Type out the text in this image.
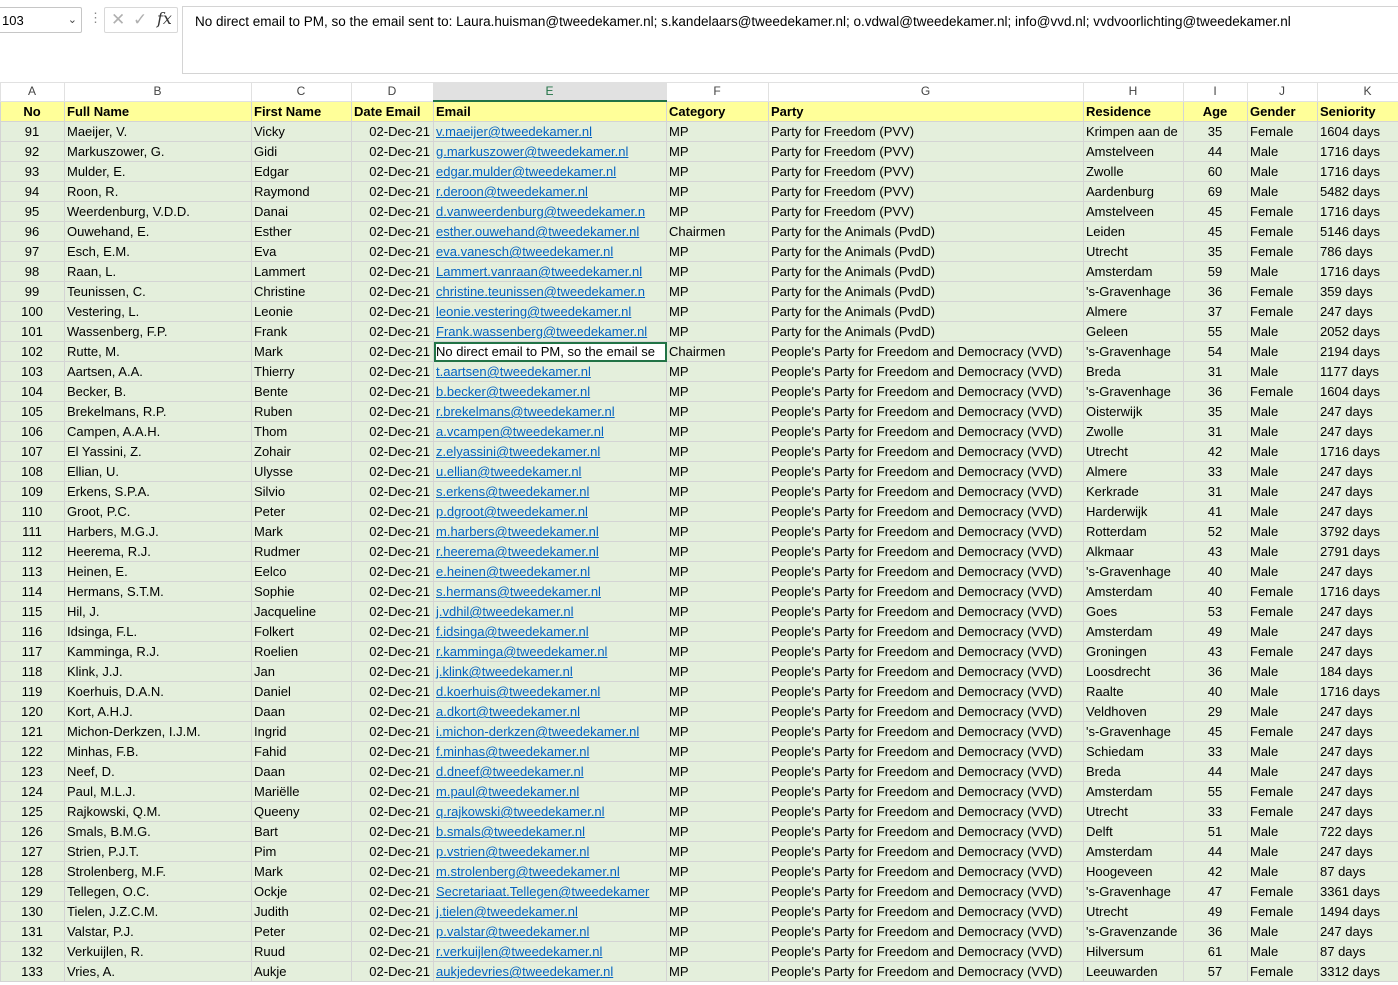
103	⌄ ⋮ ✕ ✓ fx	No direct email to PM, so the email sent to: Laura.huisman@tweedekamer.nl; s.kandelaars@tweedekamer.nl; o.vdwal@tweedekamer.nl; info@vvd.nl; vvdvoorlichting@tweedekamer.nl
A	B	C	D	E	F	G	H	I	J	K
No	Full Name	First Name	Date Email	Email	Category	Party	Residence	Age	Gender	Seniority
91	Maeijer, V.	Vicky	02-Dec-21	v.maeijer@tweedekamer.nl	MP	Party for Freedom (PVV)	Krimpen aan de	35	Female	1604 days
92	Markuszower, G.	Gidi	02-Dec-21	g.markuszower@tweedekamer.nl	MP	Party for Freedom (PVV)	Amstelveen	44	Male	1716 days
93	Mulder, E.	Edgar	02-Dec-21	edgar.mulder@tweedekamer.nl	MP	Party for Freedom (PVV)	Zwolle	60	Male	1716 days
94	Roon, R.	Raymond	02-Dec-21	r.deroon@tweedekamer.nl	MP	Party for Freedom (PVV)	Aardenburg	69	Male	5482 days
95	Weerdenburg, V.D.D.	Danai	02-Dec-21	d.vanweerdenburg@tweedekamer.n	MP	Party for Freedom (PVV)	Amstelveen	45	Female	1716 days
96	Ouwehand, E.	Esther	02-Dec-21	esther.ouwehand@tweedekamer.nl	Chairmen	Party for the Animals (PvdD)	Leiden	45	Female	5146 days
97	Esch, E.M.	Eva	02-Dec-21	eva.vanesch@tweedekamer.nl	MP	Party for the Animals (PvdD)	Utrecht	35	Female	786 days
98	Raan, L.	Lammert	02-Dec-21	Lammert.vanraan@tweedekamer.nl	MP	Party for the Animals (PvdD)	Amsterdam	59	Male	1716 days
99	Teunissen, C.	Christine	02-Dec-21	christine.teunissen@tweedekamer.n	MP	Party for the Animals (PvdD)	's-Gravenhage	36	Female	359 days
100	Vestering, L.	Leonie	02-Dec-21	leonie.vestering@tweedekamer.nl	MP	Party for the Animals (PvdD)	Almere	37	Female	247 days
101	Wassenberg, F.P.	Frank	02-Dec-21	Frank.wassenberg@tweedekamer.nl	MP	Party for the Animals (PvdD)	Geleen	55	Male	2052 days
102	Rutte, M.	Mark	02-Dec-21	No direct email to PM, so the email se	Chairmen	People's Party for Freedom and Democracy (VVD)	's-Gravenhage	54	Male	2194 days
103	Aartsen, A.A.	Thierry	02-Dec-21	t.aartsen@tweedekamer.nl	MP	People's Party for Freedom and Democracy (VVD)	Breda	31	Male	1177 days
104	Becker, B.	Bente	02-Dec-21	b.becker@tweedekamer.nl	MP	People's Party for Freedom and Democracy (VVD)	's-Gravenhage	36	Female	1604 days
105	Brekelmans, R.P.	Ruben	02-Dec-21	r.brekelmans@tweedekamer.nl	MP	People's Party for Freedom and Democracy (VVD)	Oisterwijk	35	Male	247 days
106	Campen, A.A.H.	Thom	02-Dec-21	a.vcampen@tweedekamer.nl	MP	People's Party for Freedom and Democracy (VVD)	Zwolle	31	Male	247 days
107	El Yassini, Z.	Zohair	02-Dec-21	z.elyassini@tweedekamer.nl	MP	People's Party for Freedom and Democracy (VVD)	Utrecht	42	Male	1716 days
108	Ellian, U.	Ulysse	02-Dec-21	u.ellian@tweedekamer.nl	MP	People's Party for Freedom and Democracy (VVD)	Almere	33	Male	247 days
109	Erkens, S.P.A.	Silvio	02-Dec-21	s.erkens@tweedekamer.nl	MP	People's Party for Freedom and Democracy (VVD)	Kerkrade	31	Male	247 days
110	Groot, P.C.	Peter	02-Dec-21	p.dgroot@tweedekamer.nl	MP	People's Party for Freedom and Democracy (VVD)	Harderwijk	41	Male	247 days
111	Harbers, M.G.J.	Mark	02-Dec-21	m.harbers@tweedekamer.nl	MP	People's Party for Freedom and Democracy (VVD)	Rotterdam	52	Male	3792 days
112	Heerema, R.J.	Rudmer	02-Dec-21	r.heerema@tweedekamer.nl	MP	People's Party for Freedom and Democracy (VVD)	Alkmaar	43	Male	2791 days
113	Heinen, E.	Eelco	02-Dec-21	e.heinen@tweedekamer.nl	MP	People's Party for Freedom and Democracy (VVD)	's-Gravenhage	40	Male	247 days
114	Hermans, S.T.M.	Sophie	02-Dec-21	s.hermans@tweedekamer.nl	MP	People's Party for Freedom and Democracy (VVD)	Amsterdam	40	Female	1716 days
115	Hil, J.	Jacqueline	02-Dec-21	j.vdhil@tweedekamer.nl	MP	People's Party for Freedom and Democracy (VVD)	Goes	53	Female	247 days
116	Idsinga, F.L.	Folkert	02-Dec-21	f.idsinga@tweedekamer.nl	MP	People's Party for Freedom and Democracy (VVD)	Amsterdam	49	Male	247 days
117	Kamminga, R.J.	Roelien	02-Dec-21	r.kamminga@tweedekamer.nl	MP	People's Party for Freedom and Democracy (VVD)	Groningen	43	Female	247 days
118	Klink, J.J.	Jan	02-Dec-21	j.klink@tweedekamer.nl	MP	People's Party for Freedom and Democracy (VVD)	Loosdrecht	36	Male	184 days
119	Koerhuis, D.A.N.	Daniel	02-Dec-21	d.koerhuis@tweedekamer.nl	MP	People's Party for Freedom and Democracy (VVD)	Raalte	40	Male	1716 days
120	Kort, A.H.J.	Daan	02-Dec-21	a.dkort@tweedekamer.nl	MP	People's Party for Freedom and Democracy (VVD)	Veldhoven	29	Male	247 days
121	Michon-Derkzen, I.J.M.	Ingrid	02-Dec-21	i.michon-derkzen@tweedekamer.nl	MP	People's Party for Freedom and Democracy (VVD)	's-Gravenhage	45	Female	247 days
122	Minhas, F.B.	Fahid	02-Dec-21	f.minhas@tweedekamer.nl	MP	People's Party for Freedom and Democracy (VVD)	Schiedam	33	Male	247 days
123	Neef, D.	Daan	02-Dec-21	d.dneef@tweedekamer.nl	MP	People's Party for Freedom and Democracy (VVD)	Breda	44	Male	247 days
124	Paul, M.L.J.	Mariëlle	02-Dec-21	m.paul@tweedekamer.nl	MP	People's Party for Freedom and Democracy (VVD)	Amsterdam	55	Female	247 days
125	Rajkowski, Q.M.	Queeny	02-Dec-21	q.rajkowski@tweedekamer.nl	MP	People's Party for Freedom and Democracy (VVD)	Utrecht	33	Female	247 days
126	Smals, B.M.G.	Bart	02-Dec-21	b.smals@tweedekamer.nl	MP	People's Party for Freedom and Democracy (VVD)	Delft	51	Male	722 days
127	Strien, P.J.T.	Pim	02-Dec-21	p.vstrien@tweedekamer.nl	MP	People's Party for Freedom and Democracy (VVD)	Amsterdam	44	Male	247 days
128	Strolenberg, M.F.	Mark	02-Dec-21	m.strolenberg@tweedekamer.nl	MP	People's Party for Freedom and Democracy (VVD)	Hoogeveen	42	Male	87 days
129	Tellegen, O.C.	Ockje	02-Dec-21	Secretariaat.Tellegen@tweedekamer	MP	People's Party for Freedom and Democracy (VVD)	's-Gravenhage	47	Female	3361 days
130	Tielen, J.Z.C.M.	Judith	02-Dec-21	j.tielen@tweedekamer.nl	MP	People's Party for Freedom and Democracy (VVD)	Utrecht	49	Female	1494 days
131	Valstar, P.J.	Peter	02-Dec-21	p.valstar@tweedekamer.nl	MP	People's Party for Freedom and Democracy (VVD)	's-Gravenzande	36	Male	247 days
132	Verkuijlen, R.	Ruud	02-Dec-21	r.verkuijlen@tweedekamer.nl	MP	People's Party for Freedom and Democracy (VVD)	Hilversum	61	Male	87 days
133	Vries, A.	Aukje	02-Dec-21	aukjedevries@tweedekamer.nl	MP	People's Party for Freedom and Democracy (VVD)	Leeuwarden	57	Female	3312 days
